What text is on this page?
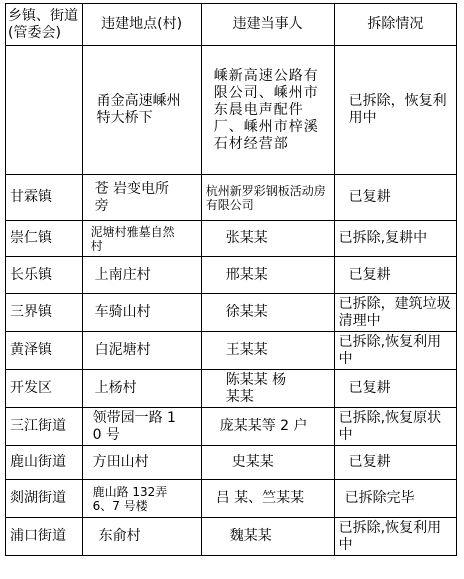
乡镇、街道(管委会)	违建地点(村)	违建当事人	拆除情况
	甬金高速嵊州特大桥下	嵊新高速公路有限公司、嵊州市东晨电声配件厂、嵊州市梓溪石材经营部	已拆除，恢复利用中
甘霖镇	苍 岩变电所旁	杭州新罗彩钢板活动房有限公司	已复耕
崇仁镇	泥塘村雅墓自然村	张某某	已拆除,复耕中
长乐镇	上南庄村	邢某某	已复耕
三界镇	车骑山村	徐某某	已拆除，建筑垃圾清理中
黄泽镇	白泥塘村	王某某	已拆除,恢复利用中
开发区	上杨村	陈某某 杨某某	已复耕
三江街道	领带园一路 10 号	庞某某等 2 户	已拆除,恢复原状中
鹿山街道	方田山村	史某某	已复耕
剡湖街道	鹿山路 132弄 6、7 号楼	吕 某、竺某某	已拆除完毕
浦口街道	东俞村	魏某某	已拆除,恢复利用中
